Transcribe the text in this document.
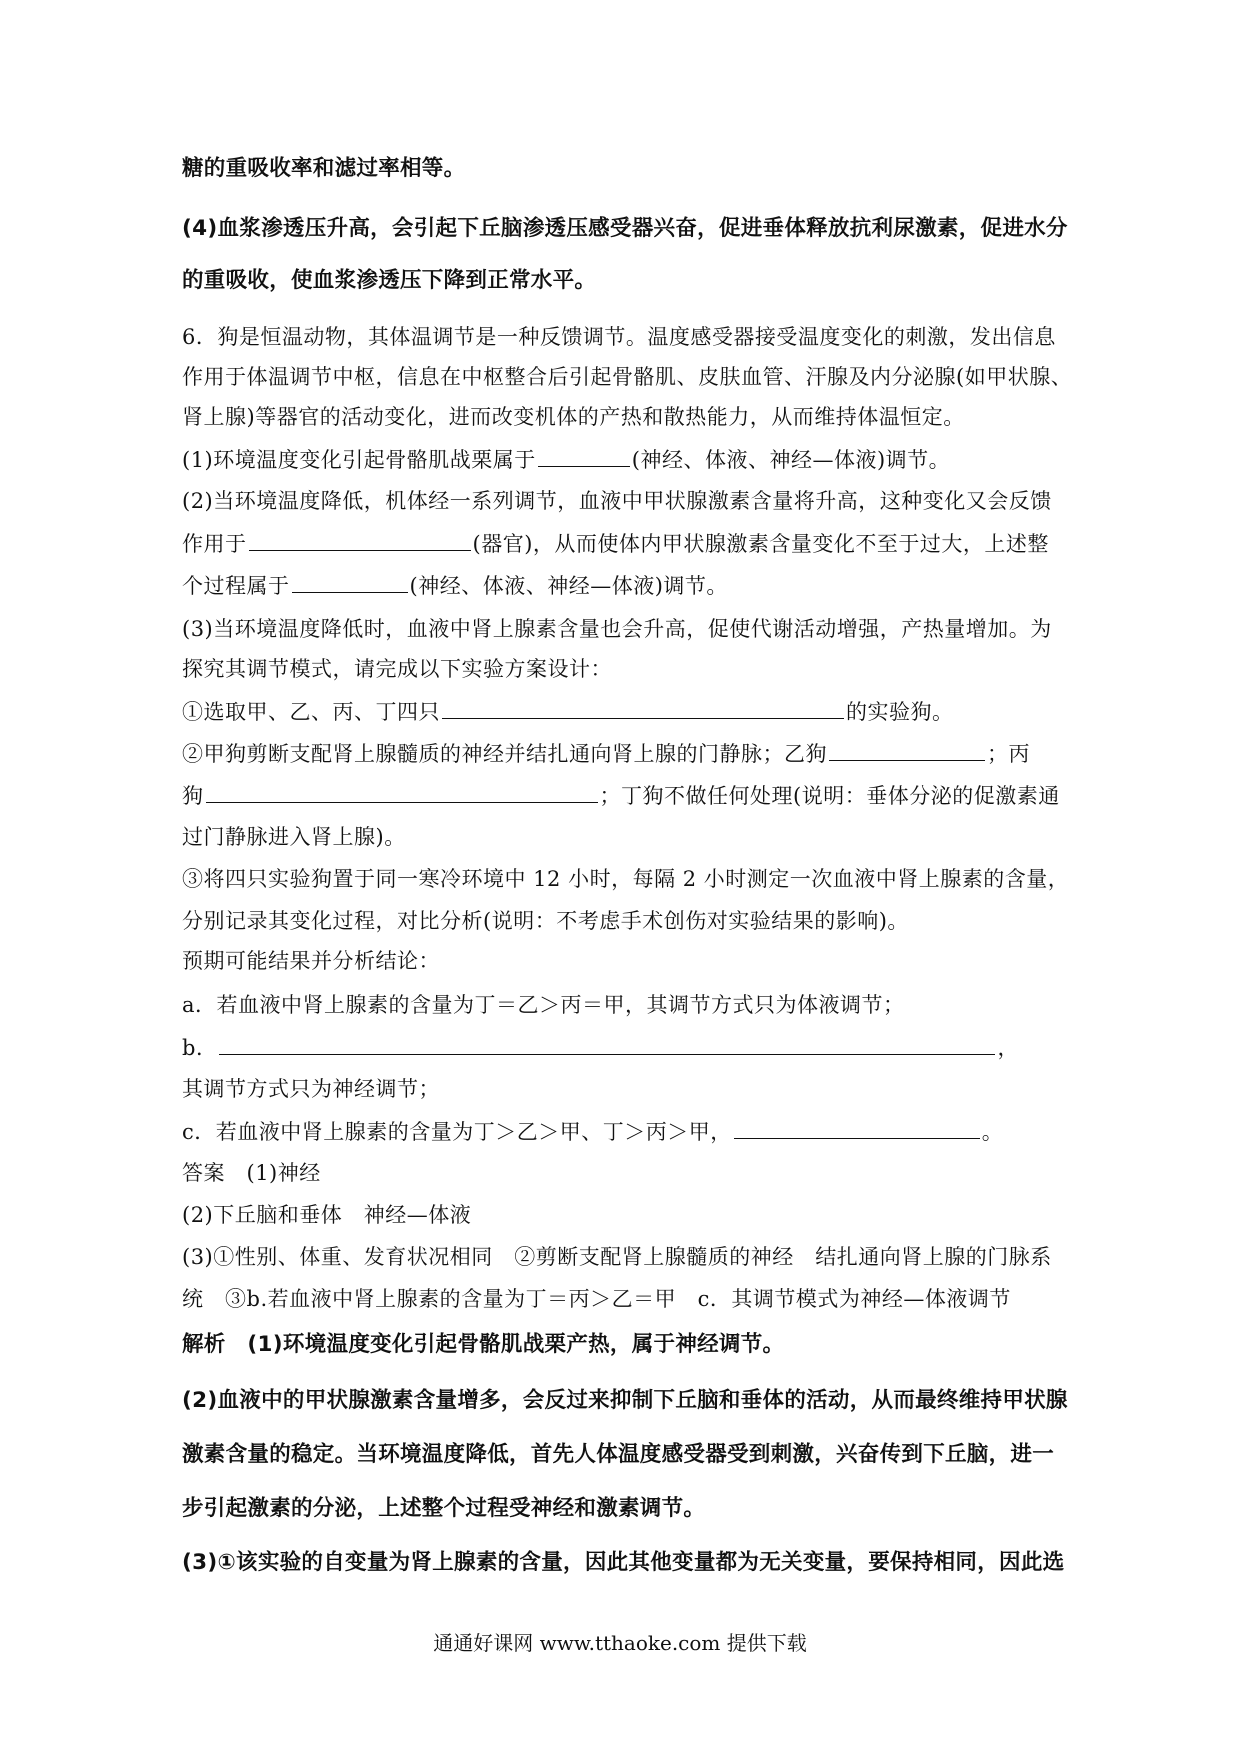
糖的重吸收率和滤过率相等。
(4)血浆渗透压升高，会引起下丘脑渗透压感受器兴奋，促进垂体释放抗利尿激素，促进水分
的重吸收，使血浆渗透压下降到正常水平。
6．狗是恒温动物，其体温调节是一种反馈调节。温度感受器接受温度变化的刺激，发出信息
作用于体温调节中枢，信息在中枢整合后引起骨骼肌、皮肤血管、汗腺及内分泌腺(如甲状腺、
肾上腺)等器官的活动变化，进而改变机体的产热和散热能力，从而维持体温恒定。
(1)环境温度变化引起骨骼肌战栗属于	(神经、体液、神经—体液)调节。
(2)当环境温度降低，机体经一系列调节，血液中甲状腺激素含量将升高，这种变化又会反馈
作用于	(器官)，从而使体内甲状腺激素含量变化不至于过大，上述整
个过程属于	(神经、体液、神经—体液)调节。
(3)当环境温度降低时，血液中肾上腺素含量也会升高，促使代谢活动增强，产热量增加。为
探究其调节模式，请完成以下实验方案设计：
①选取甲、乙、丙、丁四只	的实验狗。
②甲狗剪断支配肾上腺髓质的神经并结扎通向肾上腺的门静脉；乙狗	；丙
狗	；丁狗不做任何处理(说明：垂体分泌的促激素通
过门静脉进入肾上腺)。
③将四只实验狗置于同一寒冷环境中 12 小时，每隔 2 小时测定一次血液中肾上腺素的含量，
分别记录其变化过程，对比分析(说明：不考虑手术创伤对实验结果的影响)。
预期可能结果并分析结论：
a．若血液中肾上腺素的含量为丁＝乙＞丙＝甲，其调节方式只为体液调节；
b．	，
其调节方式只为神经调节；
c．若血液中肾上腺素的含量为丁＞乙＞甲、丁＞丙＞甲，	。
答案　(1)神经
(2)下丘脑和垂体　神经—体液
(3)①性别、体重、发育状况相同　②剪断支配肾上腺髓质的神经　结扎通向肾上腺的门脉系
统　③b.若血液中肾上腺素的含量为丁＝丙＞乙＝甲　c．其调节模式为神经—体液调节
解析　(1)环境温度变化引起骨骼肌战栗产热，属于神经调节。
(2)血液中的甲状腺激素含量增多，会反过来抑制下丘脑和垂体的活动，从而最终维持甲状腺
激素含量的稳定。当环境温度降低，首先人体温度感受器受到刺激，兴奋传到下丘脑，进一
步引起激素的分泌，上述整个过程受神经和激素调节。
(3)①该实验的自变量为肾上腺素的含量，因此其他变量都为无关变量，要保持相同，因此选
通通好课网 www.tthaoke.com 提供下载
